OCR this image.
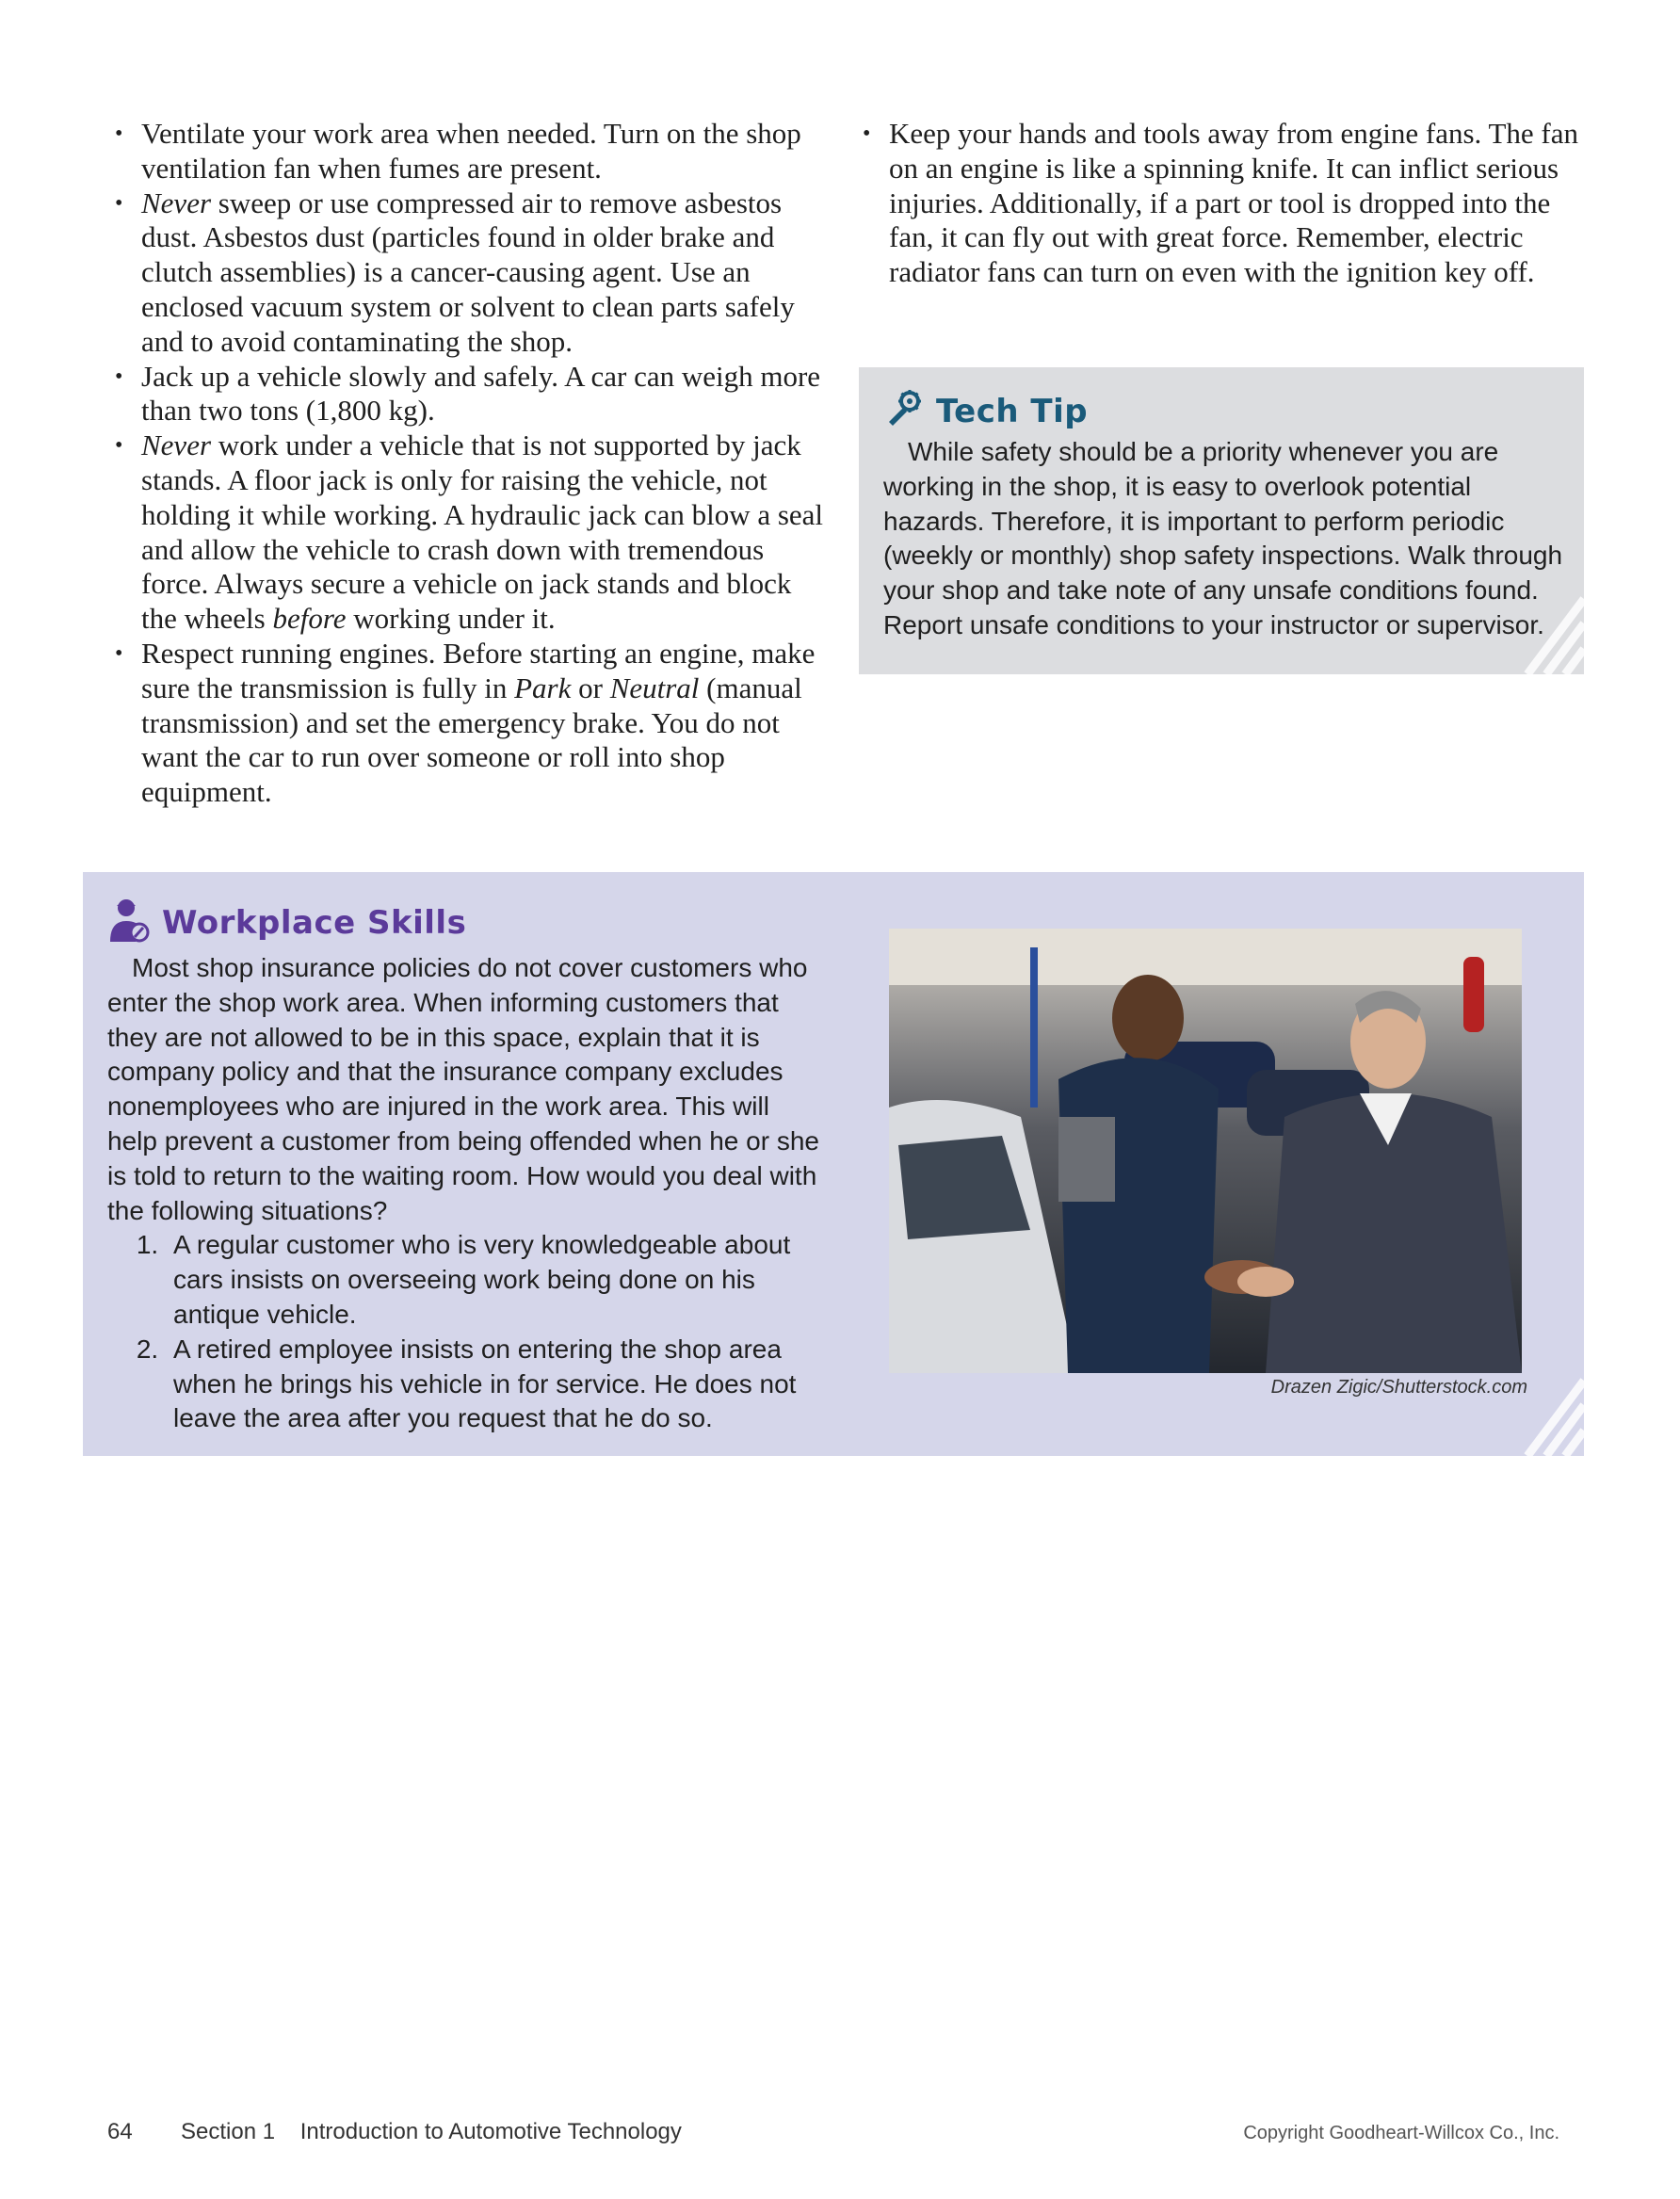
• Ventilate your work area when needed. Turn on the shop ventilation fan when fumes are present.
• Never sweep or use compressed air to remove asbestos dust. Asbestos dust (particles found in older brake and clutch assemblies) is a cancer-causing agent. Use an enclosed vacuum system or solvent to clean parts safely and to avoid contaminating the shop.
• Jack up a vehicle slowly and safely. A car can weigh more than two tons (1,800 kg).
• Never work under a vehicle that is not supported by jack stands. A floor jack is only for raising the vehicle, not holding it while working. A hydraulic jack can blow a seal and allow the vehicle to crash down with tremendous force. Always secure a vehicle on jack stands and block the wheels before working under it.
• Respect running engines. Before starting an engine, make sure the transmission is fully in Park or Neutral (manual transmission) and set the emergency brake. You do not want the car to run over someone or roll into shop equipment.
• Keep your hands and tools away from engine fans. The fan on an engine is like a spinning knife. It can inflict serious injuries. Additionally, if a part or tool is dropped into the fan, it can fly out with great force. Remember, electric radiator fans can turn on even with the ignition key off.
Tech Tip
While safety should be a priority whenever you are working in the shop, it is easy to overlook potential hazards. Therefore, it is important to perform periodic (weekly or monthly) shop safety inspections. Walk through your shop and take note of any unsafe conditions found. Report unsafe conditions to your instructor or supervisor.
Workplace Skills
Most shop insurance policies do not cover customers who enter the shop work area. When informing customers that they are not allowed to be in this space, explain that it is company policy and that the insurance company excludes nonemployees who are injured in the work area. This will help prevent a customer from being offended when he or she is told to return to the waiting room. How would you deal with the following situations?
1. A regular customer who is very knowledgeable about cars insists on overseeing work being done on his antique vehicle.
2. A retired employee insists on entering the shop area when he brings his vehicle in for service. He does not leave the area after you request that he do so.
Drazen Zigic/Shutterstock.com
64 Section 1 Introduction to Automotive Technology	Copyright Goodheart-Willcox Co., Inc.
